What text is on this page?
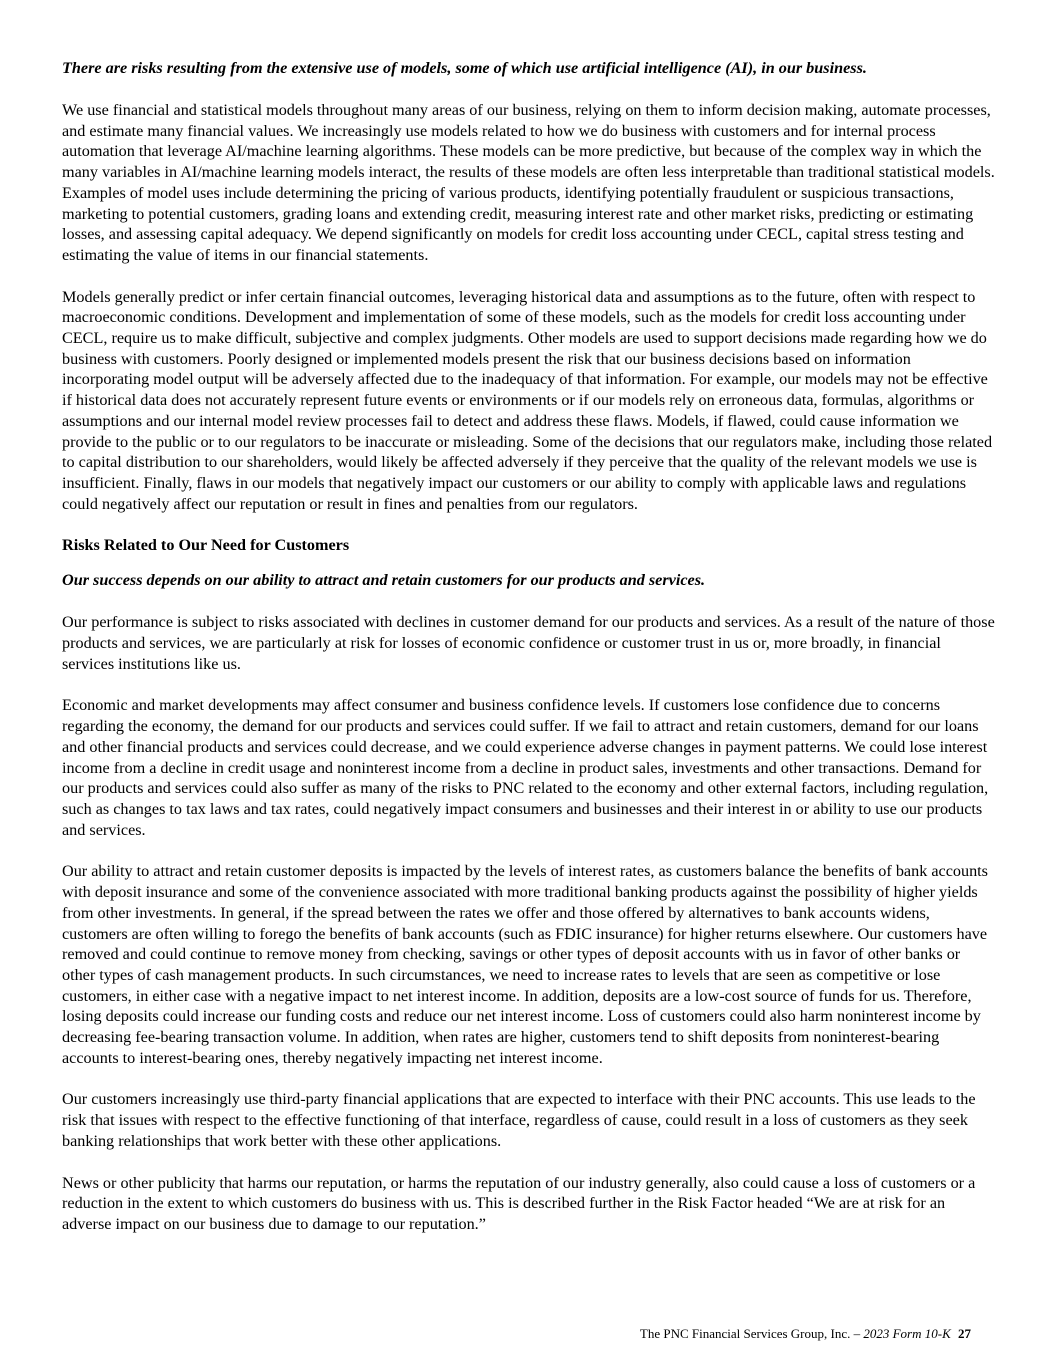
There are risks resulting from the extensive use of models, some of which use artificial intelligence (AI), in our business.

We use financial and statistical models throughout many areas of our business, relying on them to inform decision making, automate processes, and estimate many financial values. We increasingly use models related to how we do business with customers and for internal process automation that leverage AI/machine learning algorithms. These models can be more predictive, but because of the complex way in which the many variables in AI/machine learning models interact, the results of these models are often less interpretable than traditional statistical models. Examples of model uses include determining the pricing of various products, identifying potentially fraudulent or suspicious transactions, marketing to potential customers, grading loans and extending credit, measuring interest rate and other market risks, predicting or estimating losses, and assessing capital adequacy. We depend significantly on models for credit loss accounting under CECL, capital stress testing and estimating the value of items in our financial statements.

Models generally predict or infer certain financial outcomes, leveraging historical data and assumptions as to the future, often with respect to macroeconomic conditions. Development and implementation of some of these models, such as the models for credit loss accounting under CECL, require us to make difficult, subjective and complex judgments. Other models are used to support decisions made regarding how we do business with customers. Poorly designed or implemented models present the risk that our business decisions based on information incorporating model output will be adversely affected due to the inadequacy of that information. For example, our models may not be effective if historical data does not accurately represent future events or environments or if our models rely on erroneous data, formulas, algorithms or assumptions and our internal model review processes fail to detect and address these flaws. Models, if flawed, could cause information we provide to the public or to our regulators to be inaccurate or misleading. Some of the decisions that our regulators make, including those related to capital distribution to our shareholders, would likely be affected adversely if they perceive that the quality of the relevant models we use is insufficient. Finally, flaws in our models that negatively impact our customers or our ability to comply with applicable laws and regulations could negatively affect our reputation or result in fines and penalties from our regulators.

Risks Related to Our Need for Customers

Our success depends on our ability to attract and retain customers for our products and services.

Our performance is subject to risks associated with declines in customer demand for our products and services. As a result of the nature of those products and services, we are particularly at risk for losses of economic confidence or customer trust in us or, more broadly, in financial services institutions like us.

Economic and market developments may affect consumer and business confidence levels. If customers lose confidence due to concerns regarding the economy, the demand for our products and services could suffer. If we fail to attract and retain customers, demand for our loans and other financial products and services could decrease, and we could experience adverse changes in payment patterns. We could lose interest income from a decline in credit usage and noninterest income from a decline in product sales, investments and other transactions. Demand for our products and services could also suffer as many of the risks to PNC related to the economy and other external factors, including regulation, such as changes to tax laws and tax rates, could negatively impact consumers and businesses and their interest in or ability to use our products and services.

Our ability to attract and retain customer deposits is impacted by the levels of interest rates, as customers balance the benefits of bank accounts with deposit insurance and some of the convenience associated with more traditional banking products against the possibility of higher yields from other investments. In general, if the spread between the rates we offer and those offered by alternatives to bank accounts widens, customers are often willing to forego the benefits of bank accounts (such as FDIC insurance) for higher returns elsewhere. Our customers have removed and could continue to remove money from checking, savings or other types of deposit accounts with us in favor of other banks or other types of cash management products. In such circumstances, we need to increase rates to levels that are seen as competitive or lose customers, in either case with a negative impact to net interest income. In addition, deposits are a low-cost source of funds for us. Therefore, losing deposits could increase our funding costs and reduce our net interest income. Loss of customers could also harm noninterest income by decreasing fee-bearing transaction volume. In addition, when rates are higher, customers tend to shift deposits from noninterest-bearing accounts to interest-bearing ones, thereby negatively impacting net interest income.

Our customers increasingly use third-party financial applications that are expected to interface with their PNC accounts. This use leads to the risk that issues with respect to the effective functioning of that interface, regardless of cause, could result in a loss of customers as they seek banking relationships that work better with these other applications.

News or other publicity that harms our reputation, or harms the reputation of our industry generally, also could cause a loss of customers or a reduction in the extent to which customers do business with us. This is described further in the Risk Factor headed “We are at risk for an adverse impact on our business due to damage to our reputation.”

The PNC Financial Services Group, Inc. – 2023 Form 10-K 27
